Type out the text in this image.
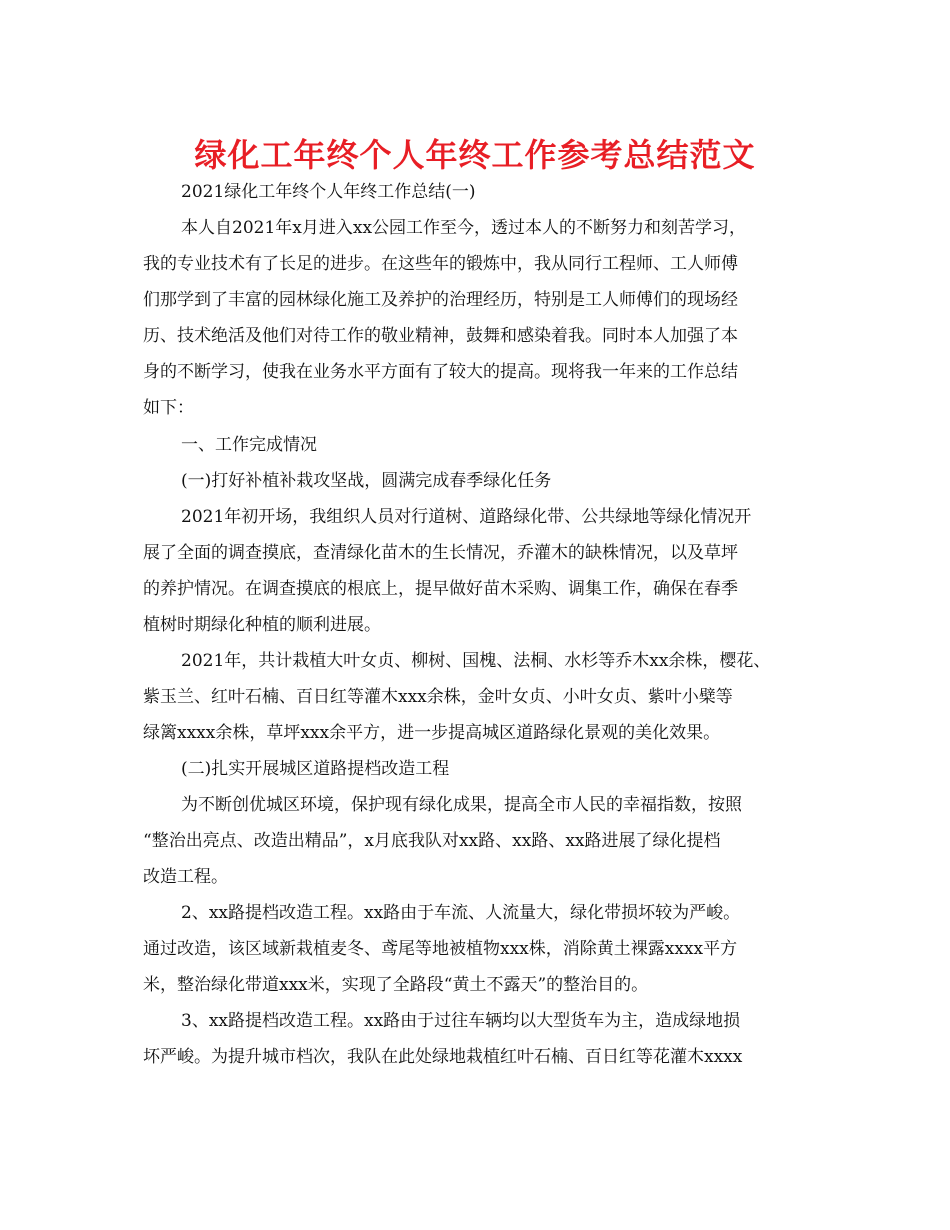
绿化工年终个人年终工作参考总结范文
2021绿化工年终个人年终工作总结(一)
本人自2021年x月进入xx公园工作至今，透过本人的不断努力和刻苦学习，
我的专业技术有了长足的进步。在这些年的锻炼中，我从同行工程师、工人师傅
们那学到了丰富的园林绿化施工及养护的治理经历，特别是工人师傅们的现场经
历、技术绝活及他们对待工作的敬业精神，鼓舞和感染着我。同时本人加强了本
身的不断学习，使我在业务水平方面有了较大的提高。现将我一年来的工作总结
如下：
一、工作完成情况
(一)打好补植补栽攻坚战，圆满完成春季绿化任务
2021年初开场，我组织人员对行道树、道路绿化带、公共绿地等绿化情况开
展了全面的调查摸底，查清绿化苗木的生长情况，乔灌木的缺株情况，以及草坪
的养护情况。在调查摸底的根底上，提早做好苗木采购、调集工作，确保在春季
植树时期绿化种植的顺利进展。
2021年，共计栽植大叶女贞、柳树、国槐、法桐、水杉等乔木xx余株，樱花、
紫玉兰、红叶石楠、百日红等灌木xxx余株，金叶女贞、小叶女贞、紫叶小檗等
绿篱xxxx余株，草坪xxx余平方，进一步提高城区道路绿化景观的美化效果。
(二)扎实开展城区道路提档改造工程
为不断创优城区环境，保护现有绿化成果，提高全市人民的幸福指数，按照
“整治出亮点、改造出精品”，x月底我队对xx路、xx路、xx路进展了绿化提档
改造工程。
2、xx路提档改造工程。xx路由于车流、人流量大，绿化带损坏较为严峻。
通过改造，该区域新栽植麦冬、鸢尾等地被植物xxx株，消除黄土裸露xxxx平方
米，整治绿化带道xxx米，实现了全路段“黄土不露天”的整治目的。
3、xx路提档改造工程。xx路由于过往车辆均以大型货车为主，造成绿地损
坏严峻。为提升城市档次，我队在此处绿地栽植红叶石楠、百日红等花灌木xxxx
